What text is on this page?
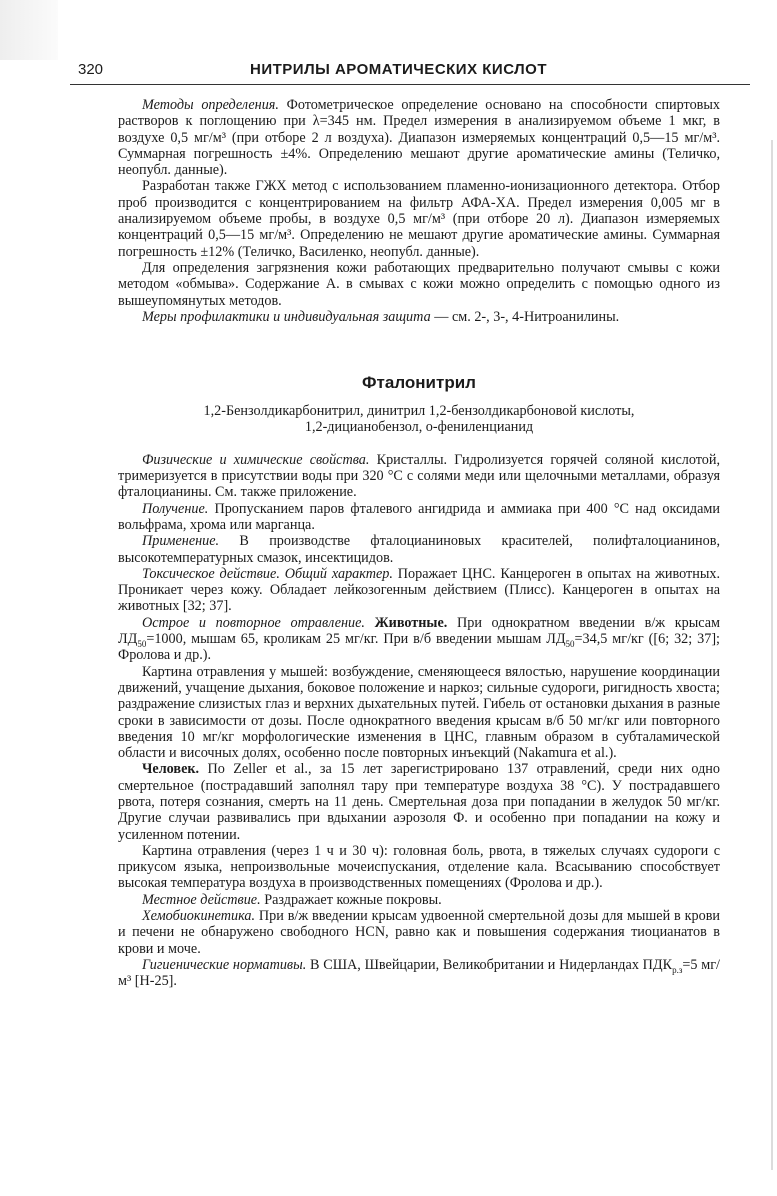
320	НИТРИЛЫ АРОМАТИЧЕСКИХ КИСЛОТ

Методы определения. Фотометрическое определение основано на способности спиртовых растворов к поглощению при λ=345 нм. Предел измерения в анализируемом объеме 1 мкг, в воздухе 0,5 мг/м³ (при отборе 2 л воздуха). Диапазон измеряемых концентраций 0,5—15 мг/м³. Суммарная погрешность ±4%. Определению мешают другие ароматические амины (Теличко, неопубл. данные).

Разработан также ГЖХ метод с использованием пламенно-ионизационного детектора. Отбор проб производится с концентрированием на фильтр АФА-ХА. Предел измерения 0,005 мг в анализируемом объеме пробы, в воздухе 0,5 мг/м³ (при отборе 20 л). Диапазон измеряемых концентраций 0,5—15 мг/м³. Определению не мешают другие ароматические амины. Суммарная погрешность ±12% (Теличко, Василенко, неопубл. данные).

Для определения загрязнения кожи работающих предварительно получают смывы с кожи методом «обмыва». Содержание А. в смывах с кожи можно определить с помощью одного из вышеупомянутых методов.

Меры профилактики и индивидуальная защита — см. 2-, 3-, 4-Нитроанилины.

Фталонитрил

1,2-Бензолдикарбонитрил, динитрил 1,2-бензолдикарбоновой кислоты,
1,2-дицианобензол, о-фениленцианид

Физические и химические свойства. Кристаллы. Гидролизуется горячей соляной кислотой, тримеризуется в присутствии воды при 320 °С с солями меди или щелочными металлами, образуя фталоцианины. См. также приложение.

Получение. Пропусканием паров фталевого ангидрида и аммиака при 400 °С над оксидами вольфрама, хрома или марганца.

Применение. В производстве фталоцианиновых красителей, полифталоцианинов, высокотемпературных смазок, инсектицидов.

Токсическое действие. Общий характер. Поражает ЦНС. Канцероген в опытах на животных. Проникает через кожу. Обладает лейкозогенным действием (Плисс). Канцероген в опытах на животных [32; 37].

Острое и повторное отравление. Животные. При однократном введении в/ж крысам $ЛД_{50}=1000$, мышам 65, кроликам 25 мг/кг. При в/б введении мышам $ЛД_{50}=34,5$ мг/кг ([6; 32; 37]; Фролова и др.).

Картина отравления у мышей: возбуждение, сменяющееся вялостью, нарушение координации движений, учащение дыхания, боковое положение и наркоз; сильные судороги, ригидность хвоста; раздражение слизистых глаз и верхних дыхательных путей. Гибель от остановки дыхания в разные сроки в зависимости от дозы. После однократного введения крысам в/б 50 мг/кг или повторного введения 10 мг/кг морфологические изменения в ЦНС, главным образом в субталамической области и височных долях, особенно после повторных инъекций (Nakamura et al.).

Человек. По Zeller et al., за 15 лет зарегистрировано 137 отравлений, среди них одно смертельное (пострадавший заполнял тару при температуре воздуха 38 °С). У пострадавшего рвота, потеря сознания, смерть на 11 день. Смертельная доза при попадании в желудок 50 мг/кг. Другие случаи развивались при вдыхании аэрозоля Ф. и особенно при попадании на кожу и усиленном потении.

Картина отравления (через 1 ч и 30 ч): головная боль, рвота, в тяжелых случаях судороги с прикусом языка, непроизвольные мочеиспускания, отделение кала. Всасыванию способствует высокая температура воздуха в производственных помещениях (Фролова и др.).

Местное действие. Раздражает кожные покровы.

Хемобиокинетика. При в/ж введении крысам удвоенной смертельной дозы для мышей в крови и печени не обнаружено свободного HCN, равно как и повышения содержания тиоцианатов в крови и моче.

Гигиенические нормативы. В США, Швейцарии, Великобритании и Нидерландах $ПДК_{р.з}=5$ мг/м³ [Н-25].
